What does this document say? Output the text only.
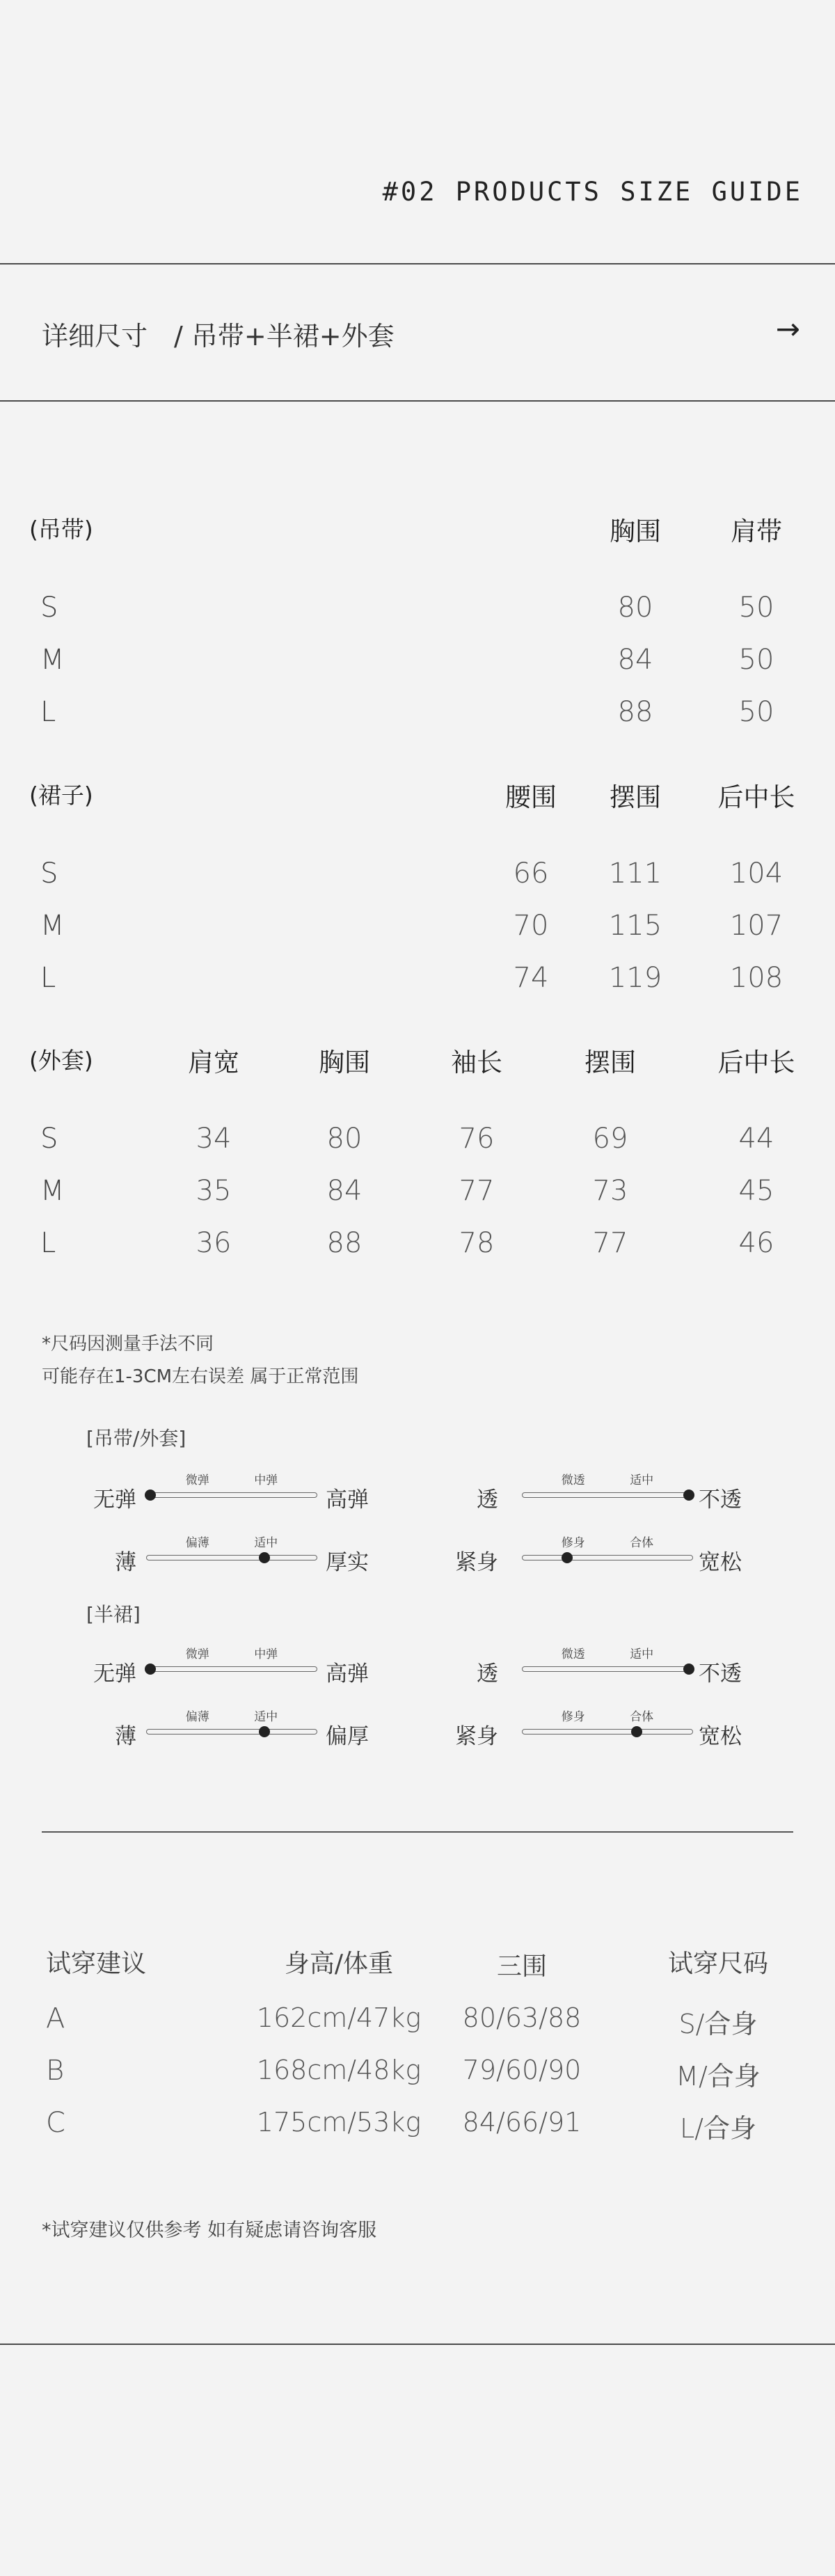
#02 PRODUCTS SIZE GUIDE
详细尺寸 / 吊带+半裙+外套	→
(吊带)	胸围	肩带
S	80	50
M	84	50
L	88	50
(裙子)	腰围 摆围 后中长
S	66 111 104
M	70 115 107
L	74 119 108
(外套)	肩宽	胸围	袖长	摆围	后中长
S	34	80	76	69	44
M	35	84	77	73	45
L	36	88	78	77	46
*尺码因测量手法不同
可能存在1-3CM左右误差 属于正常范围
[吊带/外套]
无弹	高弹
微弹	中弹
透	不透
微透	适中
薄	厚实
偏薄	适中
紧身	宽松
修身	合体
[半裙]
无弹	高弹
微弹	中弹
透	不透
微透	适中
薄	偏厚
偏薄	适中
紧身	宽松
修身	合体
试穿建议	身高/体重	三围	试穿尺码
A	162cm/47kg 80/63/88	S/合身
B	168cm/48kg 79/60/90	M/合身
C	175cm/53kg 84/66/91	L/合身
*试穿建议仅供参考 如有疑虑请咨询客服
